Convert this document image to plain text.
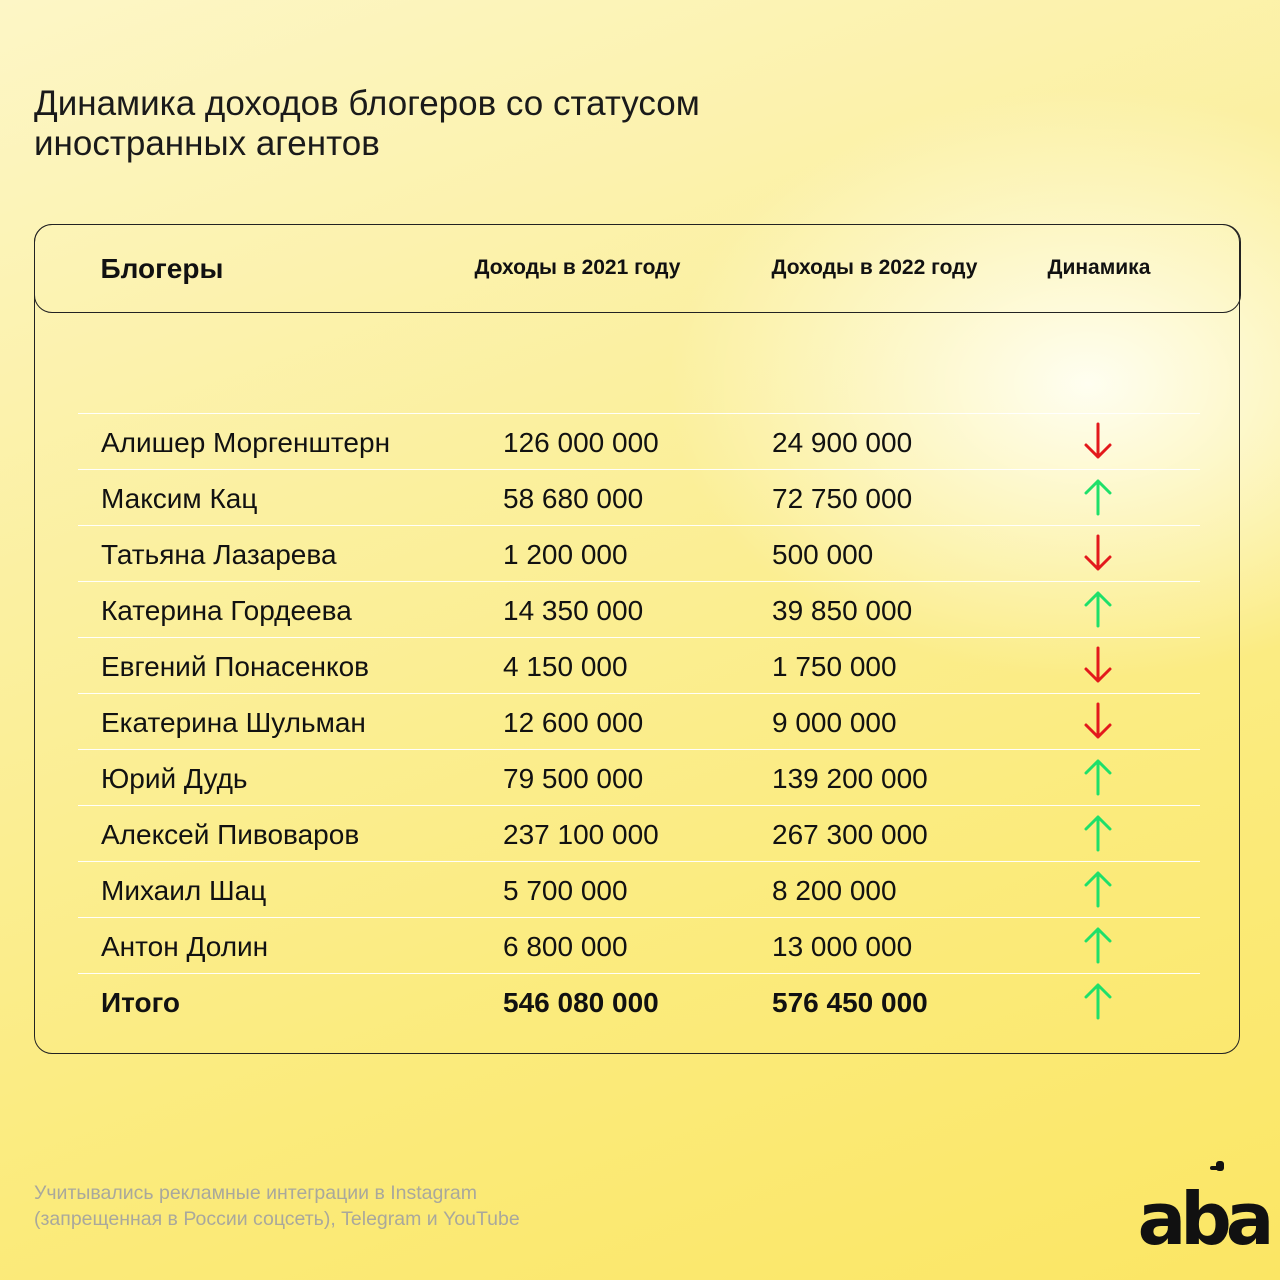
Динамика доходов блогеров со статусом
иностранных агентов
Блогеры	Доходы в 2021 году	Доходы в 2022 году	Динамика
Алишер Моргенштерн	126 000 000	24 900 000
Максим Кац	58 680 000	72 750 000
Татьяна Лазарева	1 200 000	500 000
Катерина Гордеева	14 350 000	39 850 000
Евгений Понасенков	4 150 000	1 750 000
Екатерина Шульман	12 600 000	9 000 000
Юрий Дудь	79 500 000	139 200 000
Алексей Пивоваров	237 100 000	267 300 000
Михаил Шац	5 700 000	8 200 000
Антон Долин	6 800 000	13 000 000
Итого	546 080 000	576 450 000
Учитывались рекламные интеграции в Instagram
(запрещенная в России соцсеть), Telegram и YouTube	aba
